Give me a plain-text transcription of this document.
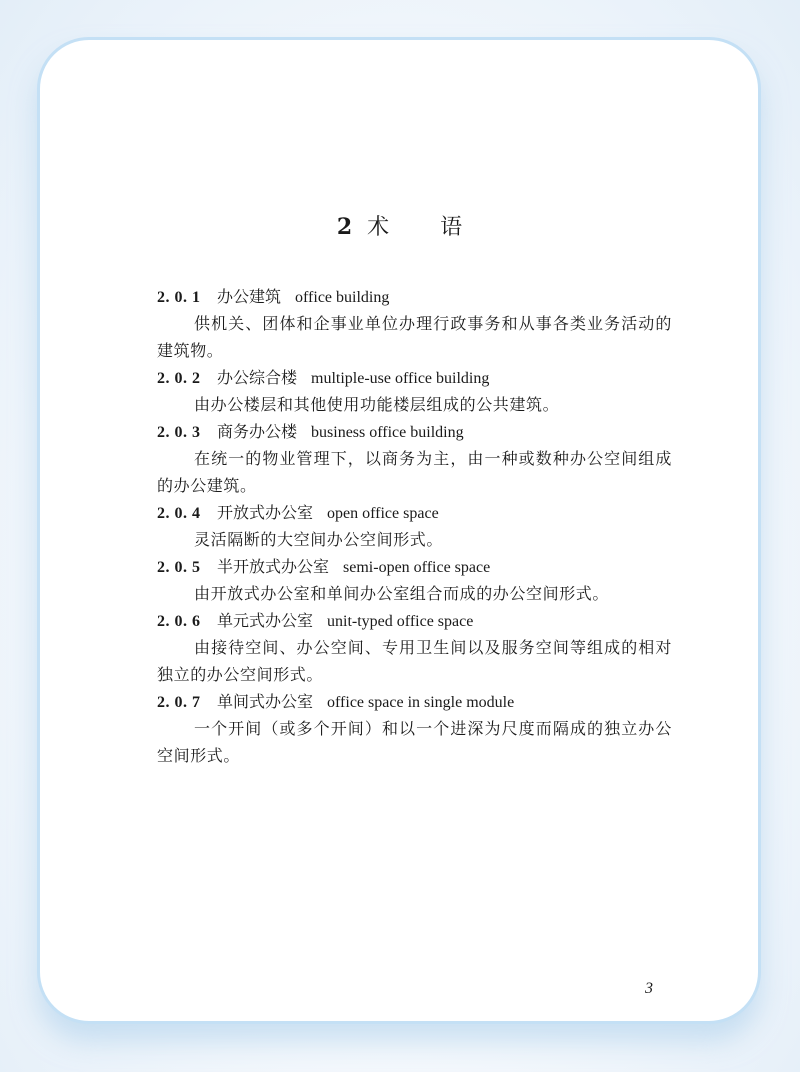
2 术 语
2. 0. 1 办公建筑 office building

供机关、团体和企事业单位办理行政事务和从事各类业务活动的建筑物。

2. 0. 2 办公综合楼 multiple-use office building

由办公楼层和其他使用功能楼层组成的公共建筑。

2. 0. 3 商务办公楼 business office building

在统一的物业管理下，以商务为主，由一种或数种办公空间组成的办公建筑。

2. 0. 4 开放式办公室 open office space

灵活隔断的大空间办公空间形式。

2. 0. 5 半开放式办公室 semi-open office space

由开放式办公室和单间办公室组合而成的办公空间形式。

2. 0. 6 单元式办公室 unit-typed office space

由接待空间、办公空间、专用卫生间以及服务空间等组成的相对独立的办公空间形式。

2. 0. 7 单间式办公室 office space in single module

一个开间（或多个开间）和以一个进深为尺度而隔成的独立办公空间形式。

3
